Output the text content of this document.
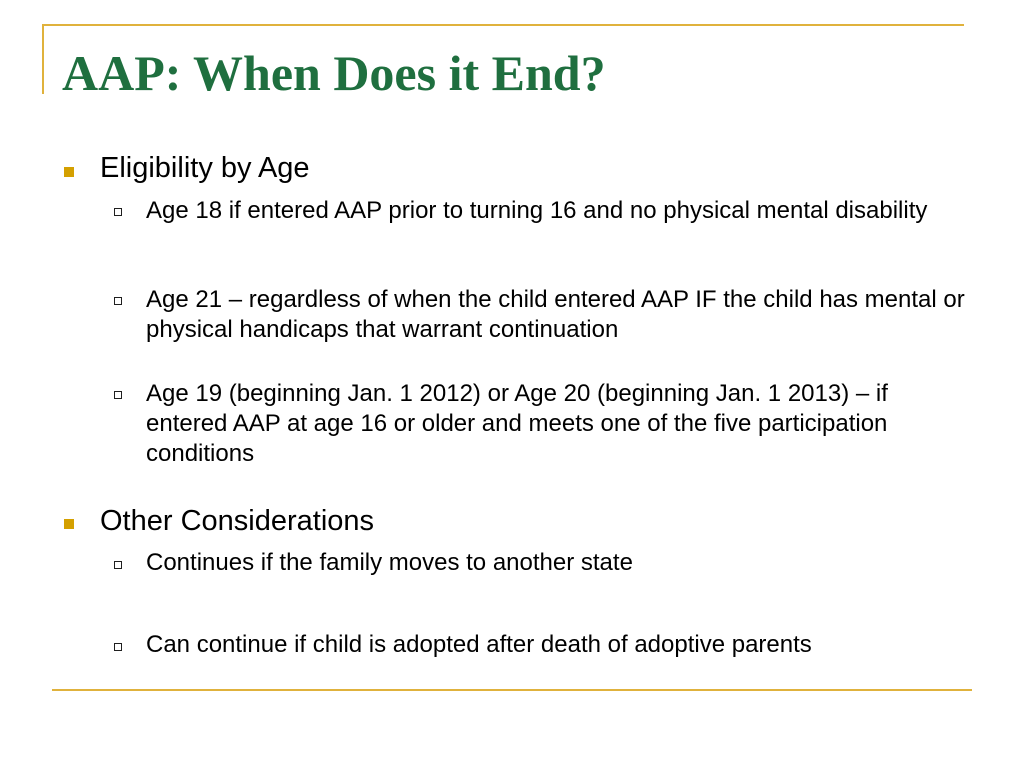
AAP: When Does it End?
Eligibility by Age
Age 18 if entered AAP prior to turning 16 and no physical mental disability
Age 21 – regardless of when the child entered AAP IF the child has mental or physical handicaps that warrant continuation
Age 19 (beginning Jan. 1 2012) or Age 20 (beginning Jan. 1 2013) – if entered AAP at age 16 or older and meets one of the five participation conditions
Other Considerations
Continues if the family moves to another state
Can continue if child is adopted after death of adoptive parents
